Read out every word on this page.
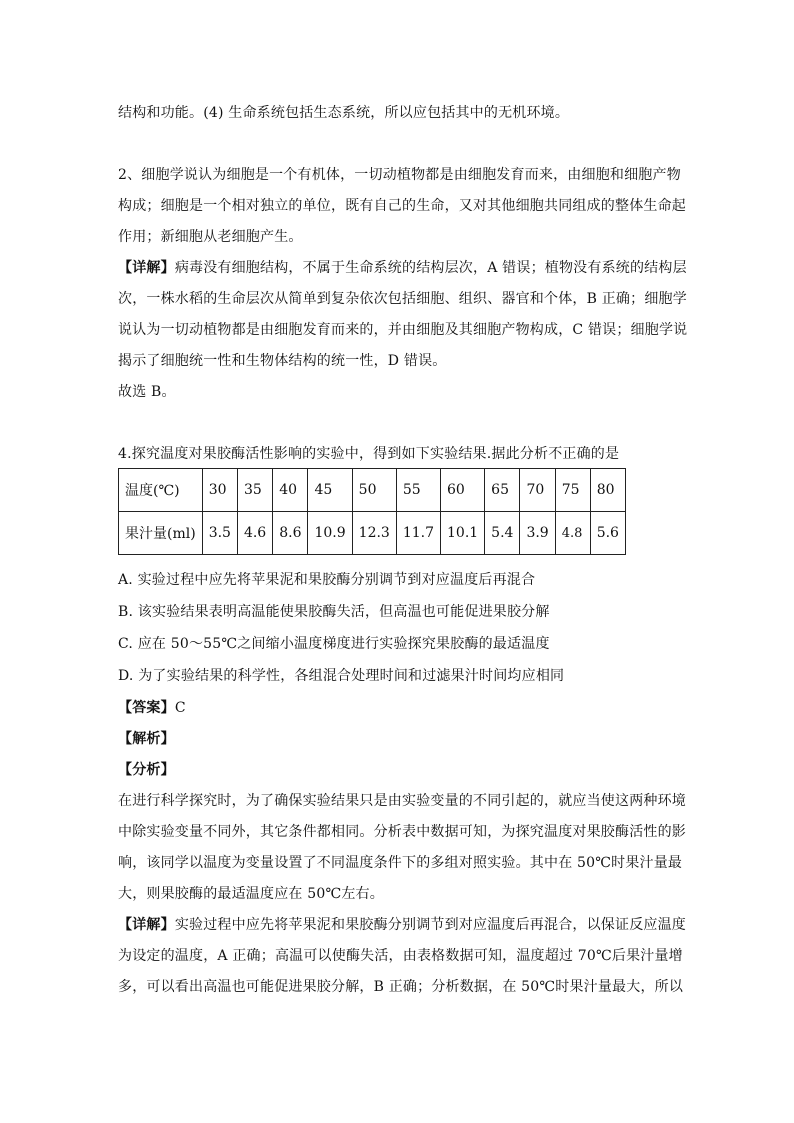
结构和功能。(4) 生命系统包括生态系统，所以应包括其中的无机环境。
2、细胞学说认为细胞是一个有机体，一切动植物都是由细胞发育而来，由细胞和细胞产物
构成；细胞是一个相对独立的单位，既有自己的生命，又对其他细胞共同组成的整体生命起
作用；新细胞从老细胞产生。
【详解】病毒没有细胞结构，不属于生命系统的结构层次，A 错误；植物没有系统的结构层
次，一株水稻的生命层次从简单到复杂依次包括细胞、组织、器官和个体，B 正确；细胞学
说认为一切动植物都是由细胞发育而来的，并由细胞及其细胞产物构成，C 错误；细胞学说
揭示了细胞统一性和生物体结构的统一性，D 错误。
故选 B。
4.探究温度对果胶酶活性影响的实验中，得到如下实验结果.据此分析不正确的是
温度(℃)	30	35	40	45	50	55	60	65	70	75	80
果汁量(ml)	3.5	4.6	8.6	10.9	12.3	11.7	10.1	5.4	3.9	4.8	5.6
A. 实验过程中应先将苹果泥和果胶酶分别调节到对应温度后再混合
B. 该实验结果表明高温能使果胶酶失活，但高温也可能促进果胶分解
C. 应在 50～55℃之间缩小温度梯度进行实验探究果胶酶的最适温度
D. 为了实验结果的科学性，各组混合处理时间和过滤果汁时间均应相同
【答案】C
【解析】
【分析】
在进行科学探究时，为了确保实验结果只是由实验变量的不同引起的，就应当使这两种环境
中除实验变量不同外，其它条件都相同。分析表中数据可知，为探究温度对果胶酶活性的影
响，该同学以温度为变量设置了不同温度条件下的多组对照实验。其中在 50℃时果汁量最
大，则果胶酶的最适温度应在 50℃左右。
【详解】实验过程中应先将苹果泥和果胶酶分别调节到对应温度后再混合，以保证反应温度
为设定的温度，A 正确；高温可以使酶失活，由表格数据可知，温度超过 70℃后果汁量增
多，可以看出高温也可能促进果胶分解，B 正确；分析数据，在 50℃时果汁量最大，所以
